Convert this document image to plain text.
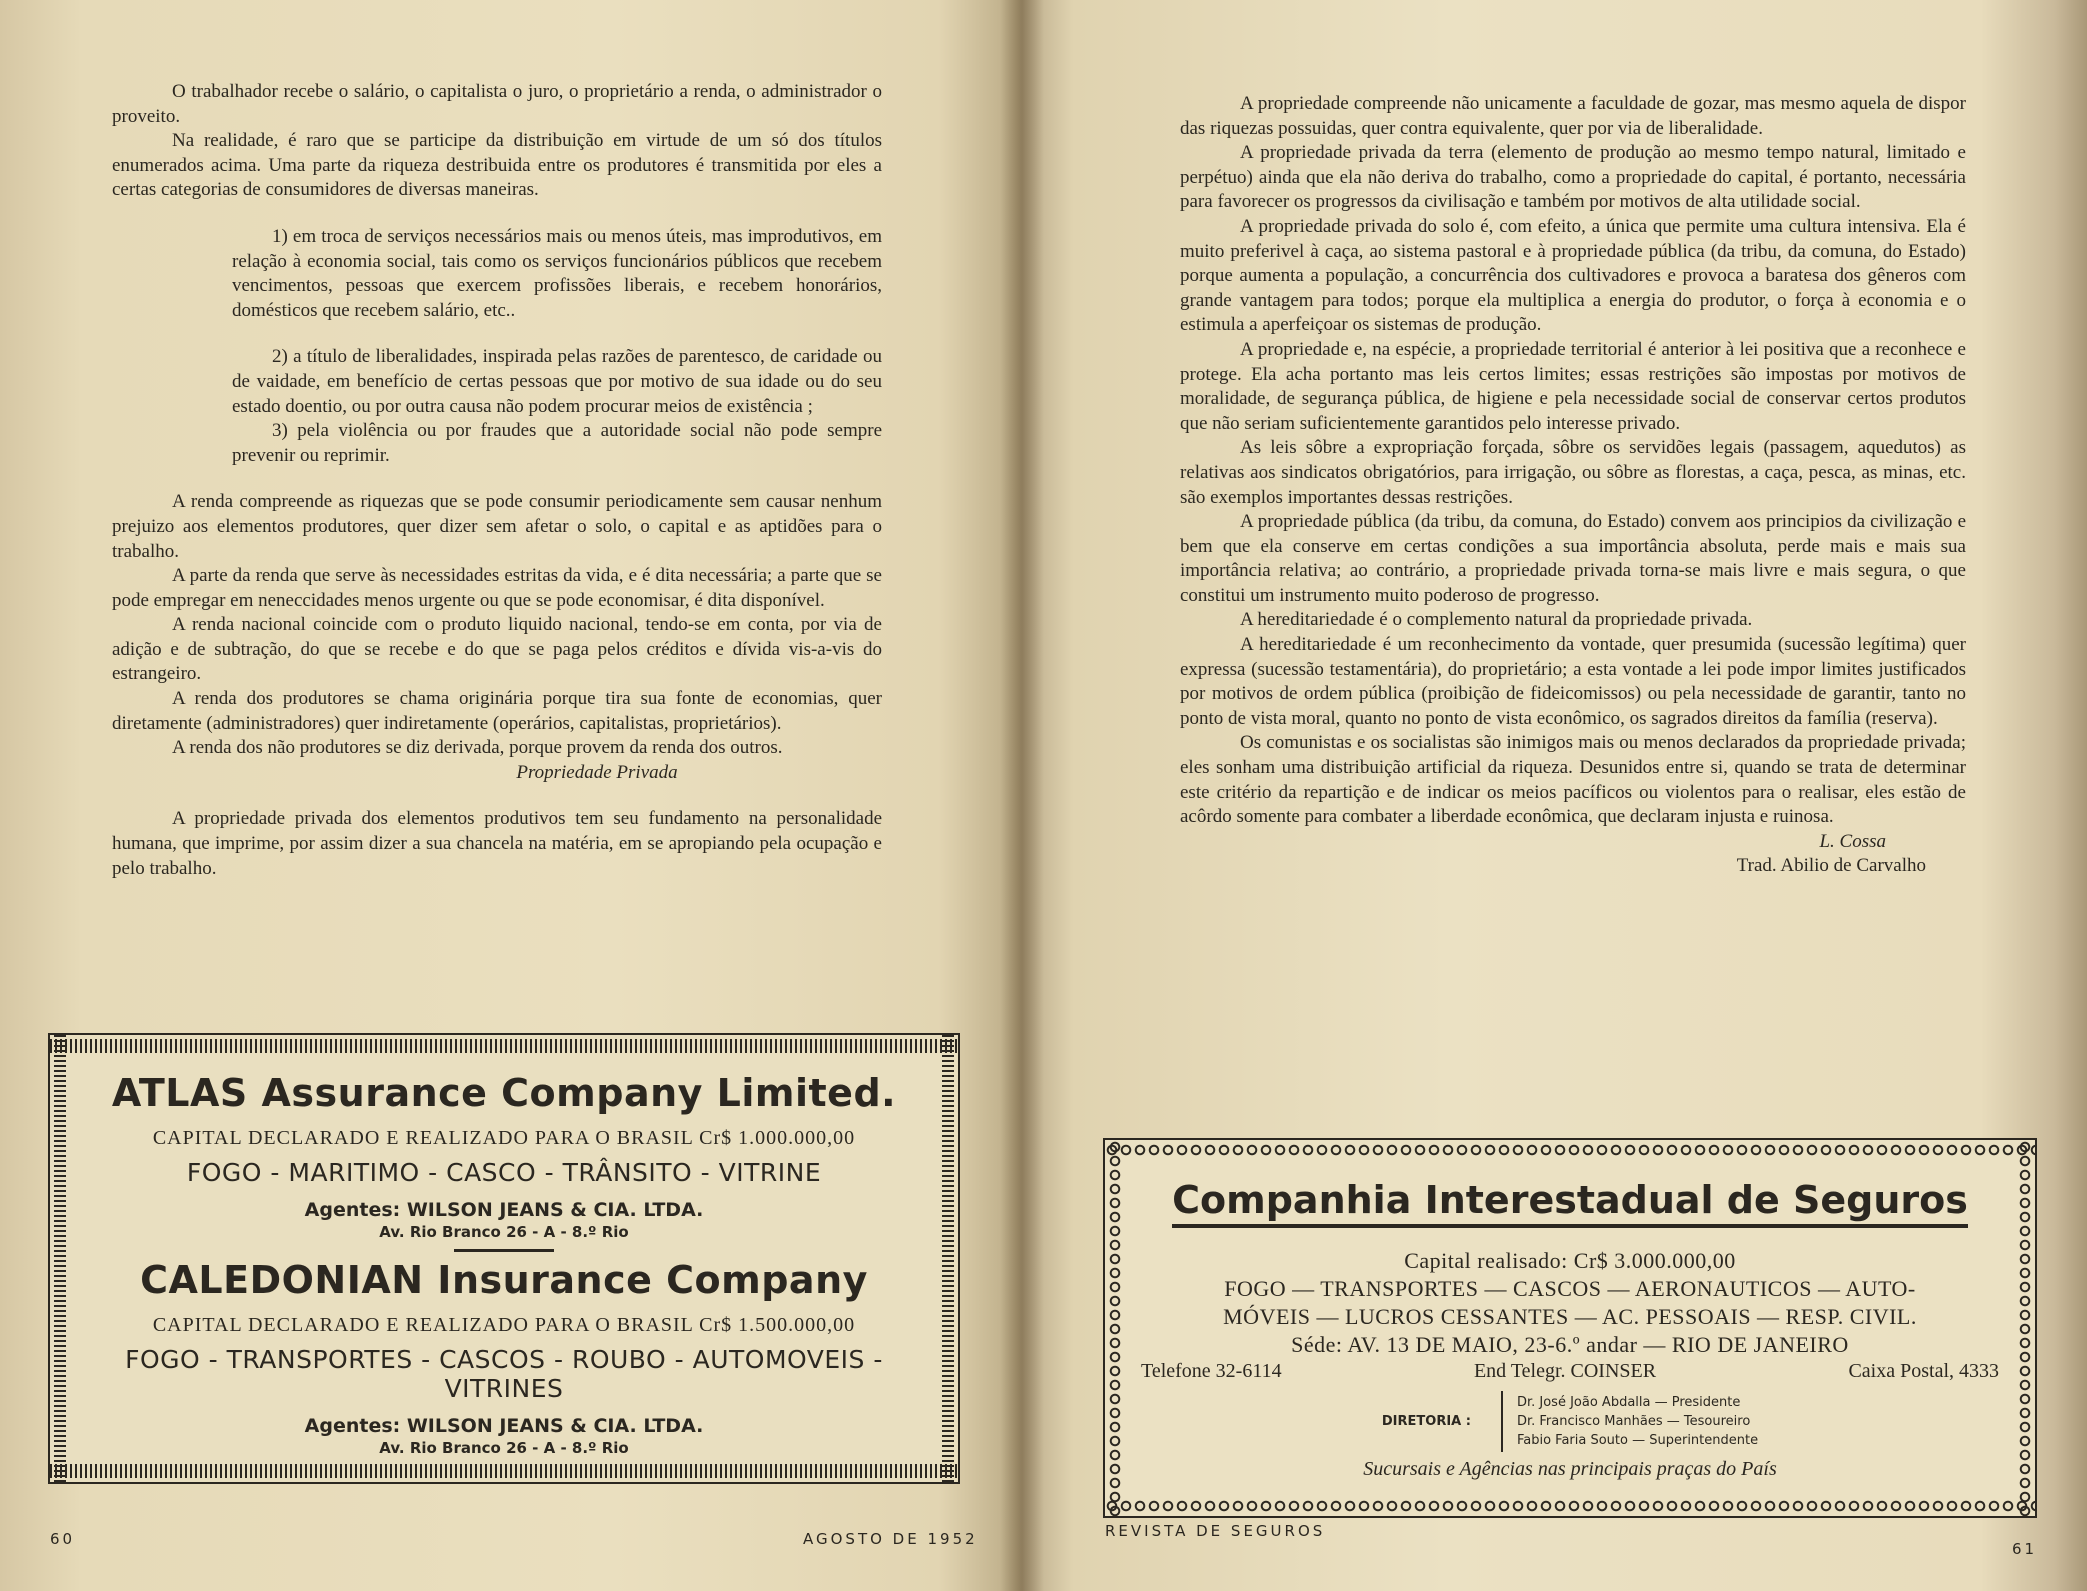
O trabalhador recebe o salário, o capitalista o juro, o proprietário a renda, o administrador o proveito.

Na realidade, é raro que se participe da distribuição em virtude de um só dos títulos enumerados acima. Uma parte da riqueza destribuida entre os produtores é transmitida por eles a certas categorias de consumidores de diversas maneiras.

1) em troca de serviços necessários mais ou menos úteis, mas improdutivos, em relação à economia social, tais como os serviços funcionários públicos que recebem vencimentos, pessoas que exercem profissões liberais, e recebem honorários, domésticos que recebem salário, etc..

2) a título de liberalidades, inspirada pelas razões de parentesco, de caridade ou de vaidade, em benefício de certas pessoas que por motivo de sua idade ou do seu estado doentio, ou por outra causa não podem procurar meios de existência ;

3) pela violência ou por fraudes que a autoridade social não pode sempre prevenir ou reprimir.

A renda compreende as riquezas que se pode consumir periodicamente sem causar nenhum prejuizo aos elementos produtores, quer dizer sem afetar o solo, o capital e as aptidões para o trabalho.

A parte da renda que serve às necessidades estritas da vida, e é dita necessária; a parte que se pode empregar em neneccidades menos urgente ou que se pode economisar, é dita disponível.

A renda nacional coincide com o produto liquido nacional, tendo-se em conta, por via de adição e de subtração, do que se recebe e do que se paga pelos créditos e dívida vis-a-vis do estrangeiro.

A renda dos produtores se chama originária porque tira sua fonte de economias, quer diretamente (administradores) quer indiretamente (operários, capitalistas, proprietários).

A renda dos não produtores se diz derivada, porque provem da renda dos outros.

Propriedade Privada

A propriedade privada dos elementos produtivos tem seu fundamento na personalidade humana, que imprime, por assim dizer a sua chancela na matéria, em se apropiando pela ocupação e pelo trabalho.

ATLAS Assurance Company Limited.
CAPITAL DECLARADO E REALIZADO PARA O BRASIL Cr$ 1.000.000,00
FOGO - MARITIMO - CASCO - TRÂNSITO - VITRINE
Agentes: WILSON JEANS & CIA. LTDA.
Av. Rio Branco 26 - A - 8.º Rio
CALEDONIAN Insurance Company
CAPITAL DECLARADO E REALIZADO PARA O BRASIL Cr$ 1.500.000,00
FOGO - TRANSPORTES - CASCOS - ROUBO - AUTOMOVEIS - VITRINES
Agentes: WILSON JEANS & CIA. LTDA.
Av. Rio Branco 26 - A - 8.º Rio
60	AGOSTO DE 1952

A propriedade compreende não unicamente a faculdade de gozar, mas mesmo aquela de dispor das riquezas possuidas, quer contra equivalente, quer por via de liberalidade.

A propriedade privada da terra (elemento de produção ao mesmo tempo natural, limitado e perpétuo) ainda que ela não deriva do trabalho, como a propriedade do capital, é portanto, necessária para favorecer os progressos da civilisação e também por motivos de alta utilidade social.

A propriedade privada do solo é, com efeito, a única que permite uma cultura intensiva. Ela é muito preferivel à caça, ao sistema pastoral e à propriedade pública (da tribu, da comuna, do Estado) porque aumenta a população, a concurrência dos cultivadores e provoca a baratesa dos gêneros com grande vantagem para todos; porque ela multiplica a energia do produtor, o força à economia e o estimula a aperfeiçoar os sistemas de produção.

A propriedade e, na espécie, a propriedade territorial é anterior à lei positiva que a reconhece e protege. Ela acha portanto mas leis certos limites; essas restrições são impostas por motivos de moralidade, de segurança pública, de higiene e pela necessidade social de conservar certos produtos que não seriam suficientemente garantidos pelo interesse privado.

As leis sôbre a expropriação forçada, sôbre os servidões legais (passagem, aquedutos) as relativas aos sindicatos obrigatórios, para irrigação, ou sôbre as florestas, a caça, pesca, as minas, etc. são exemplos importantes dessas restrições.

A propriedade pública (da tribu, da comuna, do Estado) convem aos principios da civilização e bem que ela conserve em certas condições a sua importância absoluta, perde mais e mais sua importância relativa; ao contrário, a propriedade privada torna-se mais livre e mais segura, o que constitui um instrumento muito poderoso de progresso.

A hereditariedade é o complemento natural da propriedade privada.

A hereditariedade é um reconhecimento da vontade, quer presumida (sucessão legítima) quer expressa (sucessão testamentária), do proprietário; a esta vontade a lei pode impor limites justificados por motivos de ordem pública (proibição de fideicomissos) ou pela necessidade de garantir, tanto no ponto de vista moral, quanto no ponto de vista econômico, os sagrados direitos da família (reserva).

Os comunistas e os socialistas são inimigos mais ou menos declarados da propriedade privada; eles sonham uma distribuição artificial da riqueza. Desunidos entre si, quando se trata de determinar este critério da repartição e de indicar os meios pacíficos ou violentos para o realisar, eles estão de acôrdo somente para combater a liberdade econômica, que declaram injusta e ruinosa.

L. Cossa

Trad. Abilio de Carvalho

Companhia Interestadual de Seguros
Capital realisado: Cr$ 3.000.000,00
FOGO — TRANSPORTES — CASCOS — AERONAUTICOS — AUTO-
MÓVEIS — LUCROS CESSANTES — AC. PESSOAIS — RESP. CIVIL.
Séde: AV. 13 DE MAIO, 23-6.º andar — RIO DE JANEIRO
Telefone 32-6114	End Telegr. COINSER	Caixa Postal, 4333
DIRETORIA :
Dr. José João Abdalla — Presidente
Dr. Francisco Manhães — Tesoureiro
Fabio Faria Souto — Superintendente
Sucursais e Agências nas principais praças do País
REVISTA DE SEGUROS
61
